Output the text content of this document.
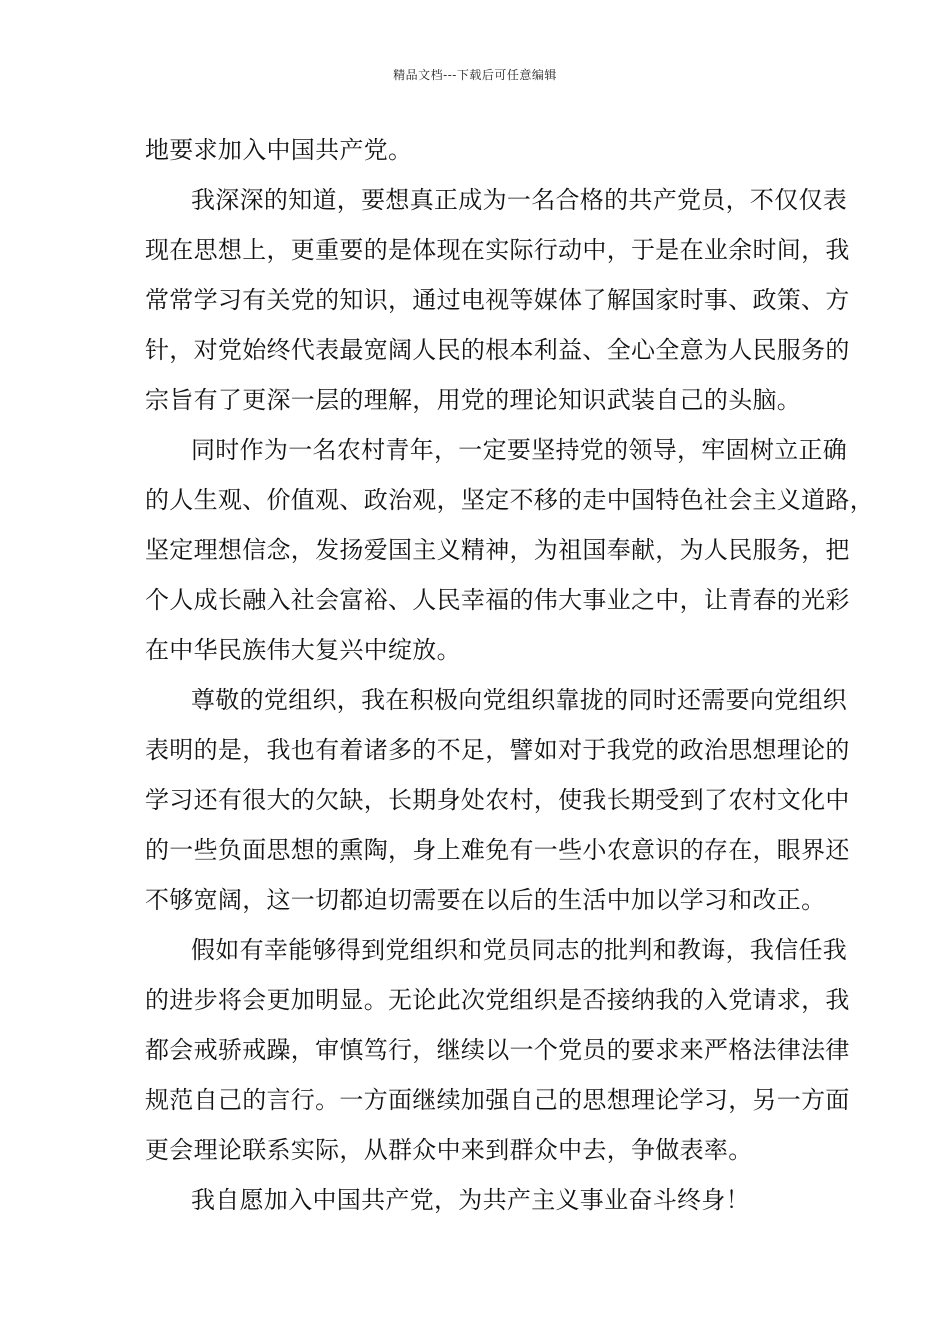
精品文档---下载后可任意编辑

地要求加入中国共产党。

我深深的知道，要想真正成为一名合格的共产党员，不仅仅表

现在思想上，更重要的是体现在实际行动中，于是在业余时间，我

常常学习有关党的知识，通过电视等媒体了解国家时事、政策、方

针，对党始终代表最宽阔人民的根本利益、全心全意为人民服务的

宗旨有了更深一层的理解，用党的理论知识武装自己的头脑。

同时作为一名农村青年，一定要坚持党的领导，牢固树立正确

的人生观、价值观、政治观，坚定不移的走中国特色社会主义道路，

坚定理想信念，发扬爱国主义精神，为祖国奉献，为人民服务，把

个人成长融入社会富裕、人民幸福的伟大事业之中，让青春的光彩

在中华民族伟大复兴中绽放。

尊敬的党组织，我在积极向党组织靠拢的同时还需要向党组织

表明的是，我也有着诸多的不足，譬如对于我党的政治思想理论的

学习还有很大的欠缺，长期身处农村，使我长期受到了农村文化中

的一些负面思想的熏陶，身上难免有一些小农意识的存在，眼界还

不够宽阔，这一切都迫切需要在以后的生活中加以学习和改正。

假如有幸能够得到党组织和党员同志的批判和教诲，我信任我

的进步将会更加明显。无论此次党组织是否接纳我的入党请求，我

都会戒骄戒躁，审慎笃行，继续以一个党员的要求来严格法律法律

规范自己的言行。一方面继续加强自己的思想理论学习，另一方面

更会理论联系实际，从群众中来到群众中去，争做表率。

我自愿加入中国共产党，为共产主义事业奋斗终身！
